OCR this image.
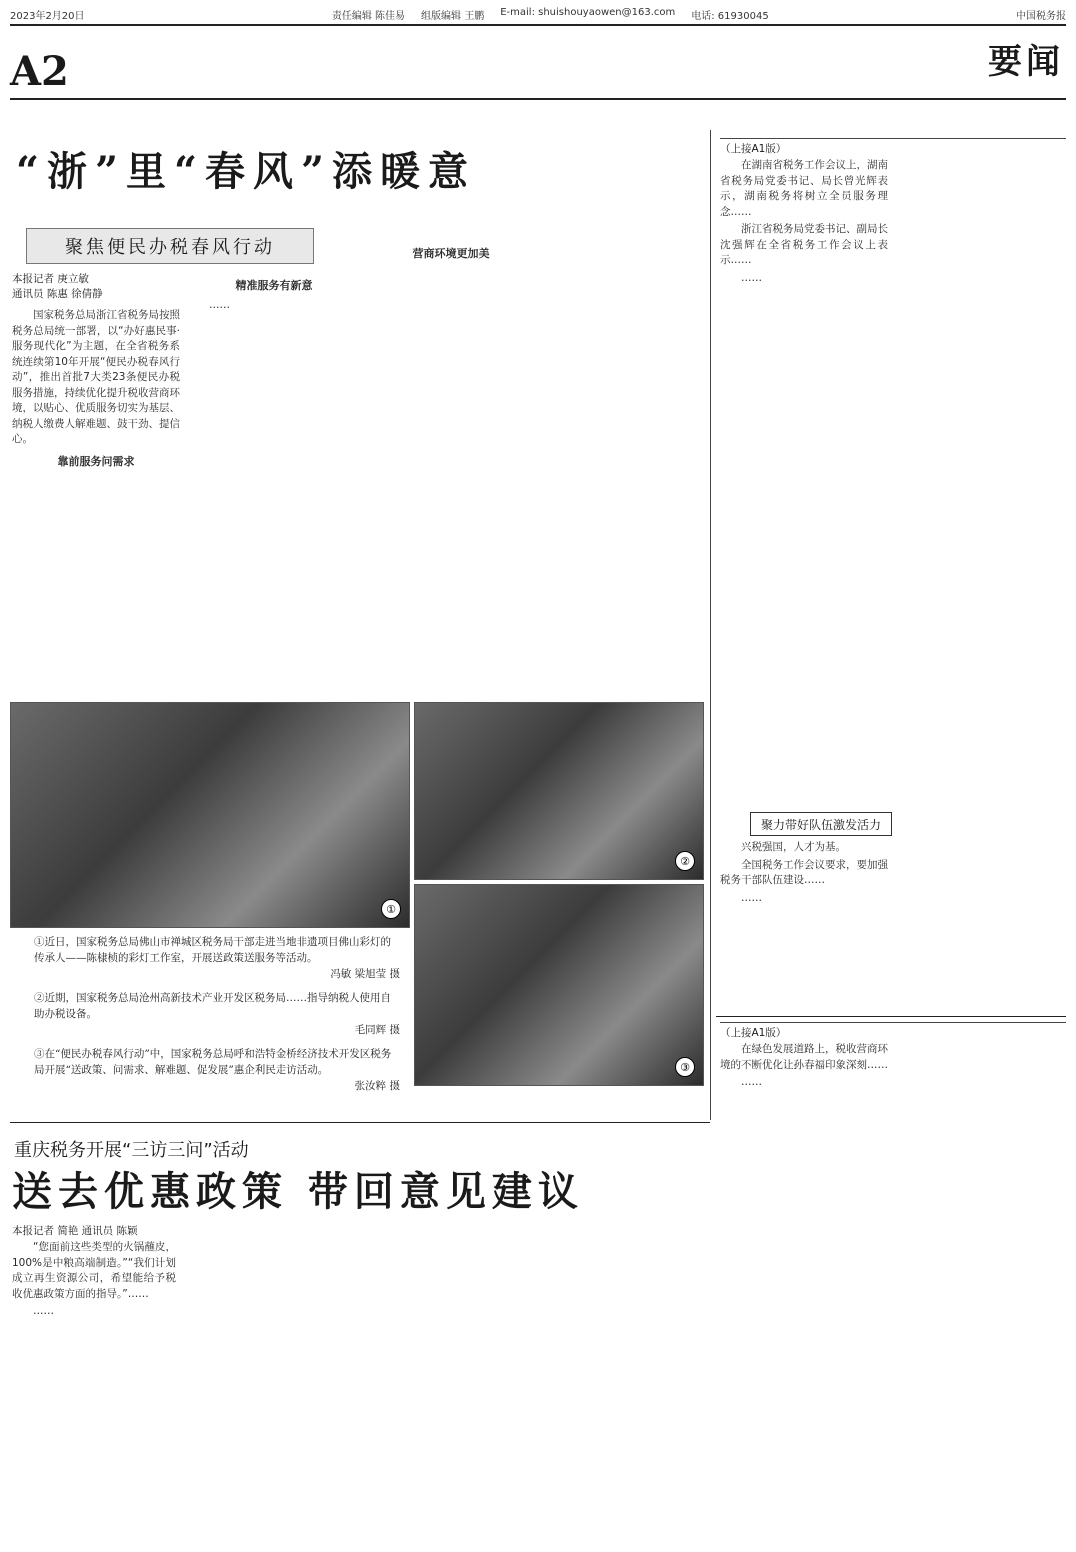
2023年2月20日	责任编辑 陈佳易 组版编辑 王鹏 E-mail: shuishouyaowen@163.com 电话: 61930045	中国税务报
A2	要闻
“浙”里“春风”添暖意
聚焦便民办税春风行动
本报记者 庚立敏
通讯员 陈惠 徐倩静

国家税务总局浙江省税务局按照税务总局统一部署，以“办好惠民事·服务现代化”为主题，在全省税务系统连续第10年开展“便民办税春风行动”，推出首批7大类23条便民办税服务措施，持续优化提升税收营商环境，以贴心、优质服务切实为基层、纳税人缴费人解难题、鼓干劲、提信心。

靠前服务问需求
精准服务有新意

……

营商环境更加美
①
②
③

①近日，国家税务总局佛山市禅城区税务局干部走进当地非遗项目佛山彩灯的传承人——陈棣桢的彩灯工作室，开展送政策送服务等活动。
冯敏 梁旭莹 摄

②近期，国家税务总局沧州高新技术产业开发区税务局……指导纳税人使用自助办税设备。
毛同辉 摄

③在“便民办税春风行动”中，国家税务总局呼和浩特金桥经济技术开发区税务局开展“送政策、问需求、解难题、促发展”惠企利民走访活动。
张汝粹 摄

（上接A1版）

在湖南省税务工作会议上，湖南省税务局党委书记、局长曾光辉表示，湖南税务将树立全员服务理念……

浙江省税务局党委书记、副局长沈强辉在全省税务工作会议上表示……

……

聚力带好队伍激发活力

兴税强国，人才为基。

全国税务工作会议要求，要加强税务干部队伍建设……

……

（上接A1版）

在绿色发展道路上，税收营商环境的不断优化让孙春福印象深刻……

……

重庆税务开展“三访三问”活动
送去优惠政策 带回意见建议
本报记者 简艳 通讯员 陈颖

“您面前这些类型的火锅蘸皮，100%是中粮高端制造。”“我们计划成立再生资源公司，希望能给予税收优惠政策方面的指导。”……

……
